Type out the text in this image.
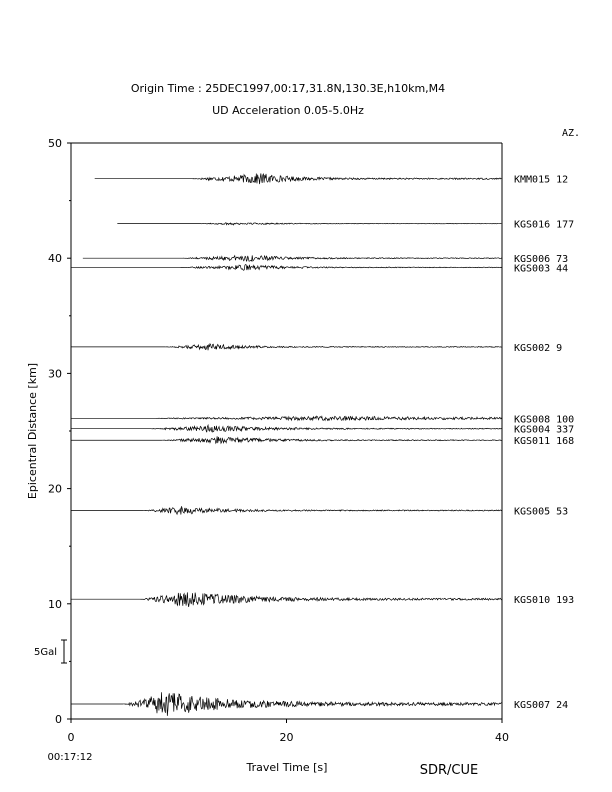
Origin Time : 25DEC1997,00:17,31.8N,130.3E,h10km,M4
UD Acceleration 0.05-5.0Hz
AZ.
0
10
20
30
40
50
0	20	40
KMM015 12
KGS016 177
KGS006 73
KGS003 44
KGS002 9
KGS008 100
KGS004 337
KGS011 168
KGS005 53
KGS010 193
KGS007 24
Epicentral Distance [km]
Travel Time [s]
00:17:12
SDR/CUE
5Gal
